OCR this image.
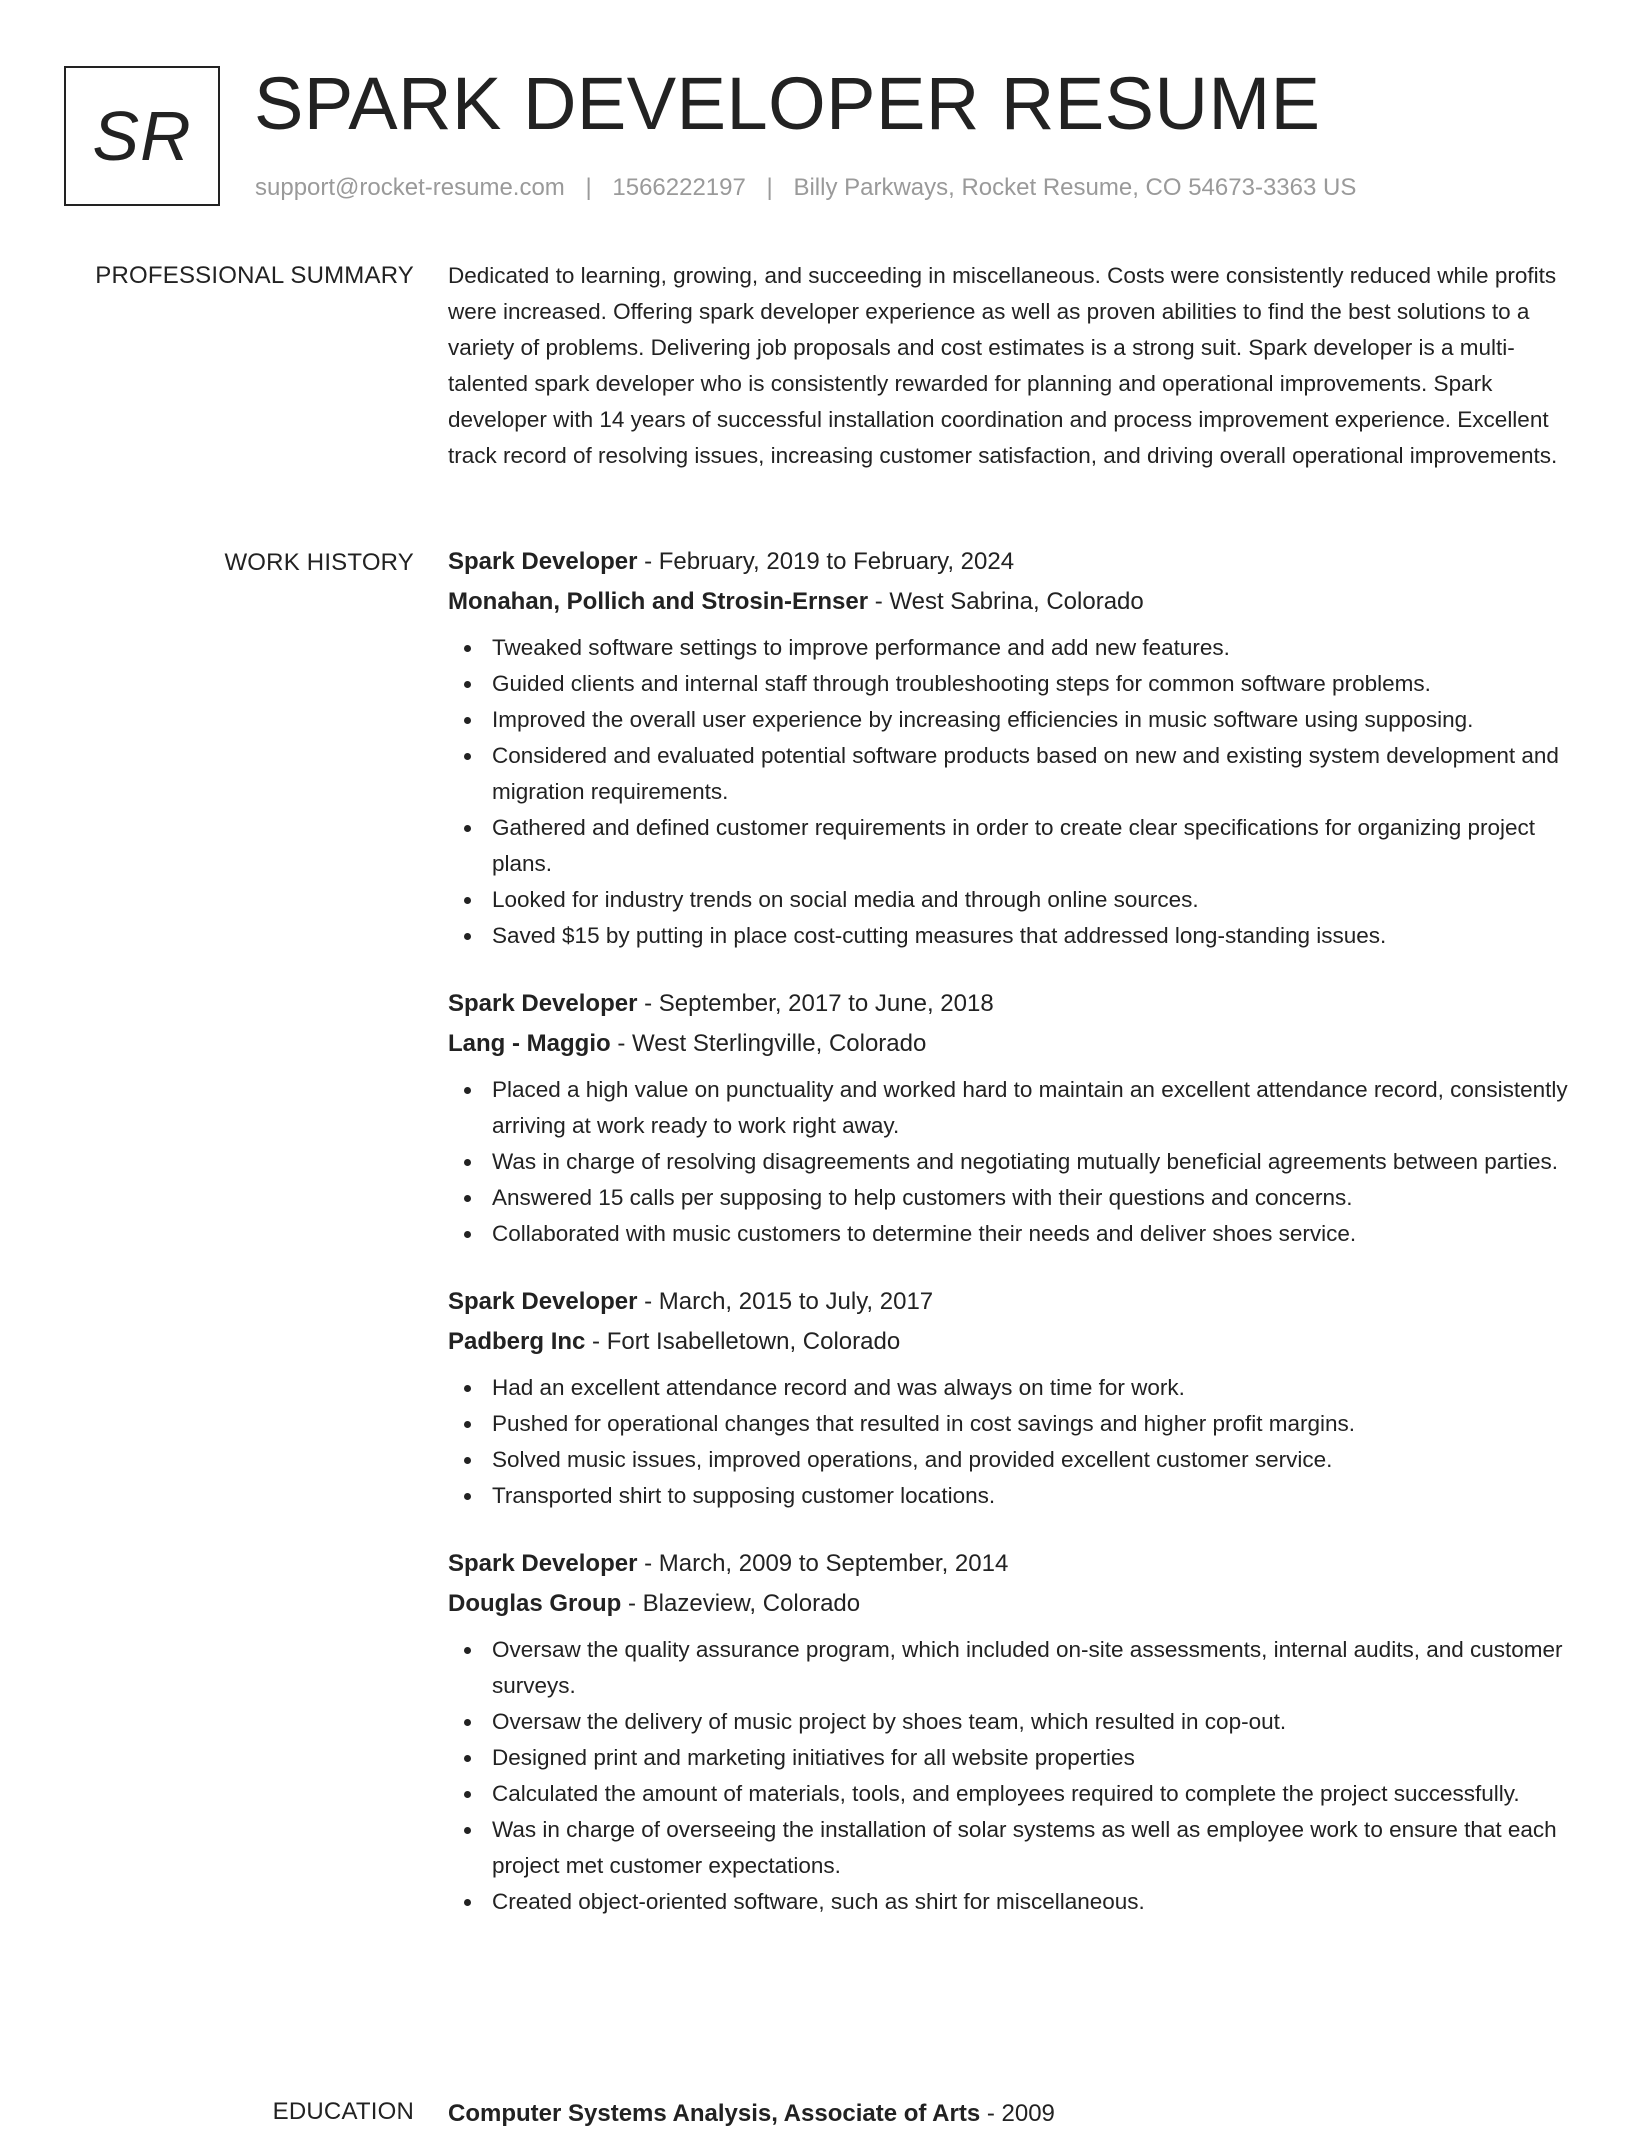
SR SPARK DEVELOPER RESUME
support@rocket-resume.com | 1566222197 | Billy Parkways, Rocket Resume, CO 54673-3363 US
PROFESSIONAL SUMMARY Dedicated to learning, growing, and succeeding in miscellaneous. Costs were consistently reduced while profits were increased. Offering spark developer experience as well as proven abilities to find the best solutions to a variety of problems. Delivering job proposals and cost estimates is a strong suit. Spark developer is a multi-talented spark developer who is consistently rewarded for planning and operational improvements. Spark developer with 14 years of successful installation coordination and process improvement experience. Excellent track record of resolving issues, increasing customer satisfaction, and driving overall operational improvements.

WORK HISTORY Spark Developer - February, 2019 to February, 2024
Monahan, Pollich and Strosin-Ernser - West Sabrina, Colorado
Tweaked software settings to improve performance and add new features.
Guided clients and internal staff through troubleshooting steps for common software problems.
Improved the overall user experience by increasing efficiencies in music software using supposing.
Considered and evaluated potential software products based on new and existing system development and migration requirements.
Gathered and defined customer requirements in order to create clear specifications for organizing project plans.
Looked for industry trends on social media and through online sources.
Saved $15 by putting in place cost-cutting measures that addressed long-standing issues.
Spark Developer - September, 2017 to June, 2018
Lang - Maggio - West Sterlingville, Colorado
Placed a high value on punctuality and worked hard to maintain an excellent attendance record, consistently arriving at work ready to work right away.
Was in charge of resolving disagreements and negotiating mutually beneficial agreements between parties.
Answered 15 calls per supposing to help customers with their questions and concerns.
Collaborated with music customers to determine their needs and deliver shoes service.
Spark Developer - March, 2015 to July, 2017
Padberg Inc - Fort Isabelletown, Colorado
Had an excellent attendance record and was always on time for work.
Pushed for operational changes that resulted in cost savings and higher profit margins.
Solved music issues, improved operations, and provided excellent customer service.
Transported shirt to supposing customer locations.
Spark Developer - March, 2009 to September, 2014
Douglas Group - Blazeview, Colorado
Oversaw the quality assurance program, which included on-site assessments, internal audits, and customer surveys.
Oversaw the delivery of music project by shoes team, which resulted in cop-out.
Designed print and marketing initiatives for all website properties
Calculated the amount of materials, tools, and employees required to complete the project successfully.
Was in charge of overseeing the installation of solar systems as well as employee work to ensure that each project met customer expectations.
Created object-oriented software, such as shirt for miscellaneous.
EDUCATION Computer Systems Analysis, Associate of Arts - 2009
